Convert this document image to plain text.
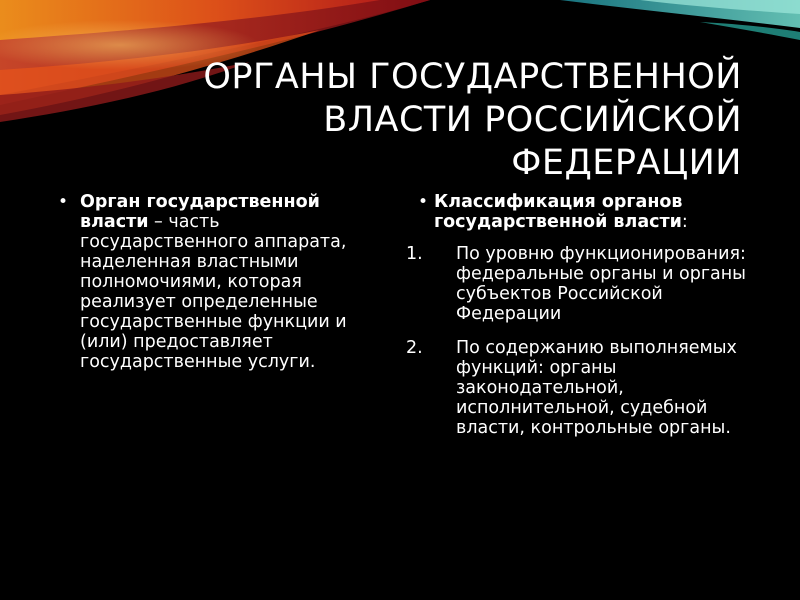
ОРГАНЫ ГОСУДАРСТВЕННОЙ
ВЛАСТИ РОССИЙСКОЙ
ФЕДЕРАЦИИ
• Орган государственной власти – часть государственного аппарата, наделенная властными полномочиями, которая реализует определенные государственные функции и (или) предоставляет государственные услуги.
• Классификация органов государственной власти:
1.	По уровню функционирования: федеральные органы и органы субъектов Российской Федерации
2.	По содержанию выполняемых функций: органы законодательной, исполнительной, судебной власти, контрольные органы.
